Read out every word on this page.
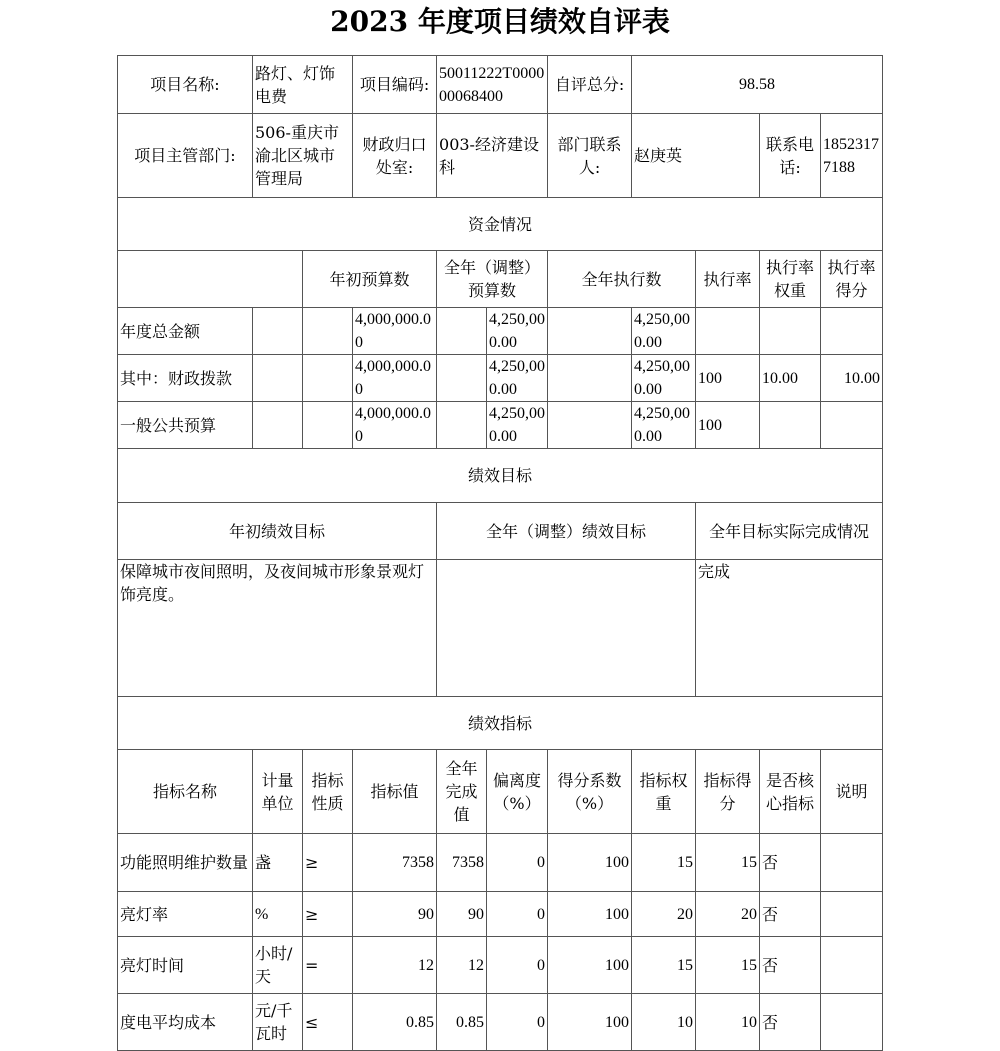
2023 年度项目绩效自评表
项目名称:	路灯、灯饰电费		项目编码:	50011222T000000068400		自评总分:	98.58			
项目主管部门:	506-重庆市渝北区城市管理局		财政归口处室:	003-经济建设科		部门联系人:	赵庚英		联系电话:	18523177188
资金情况										
		年初预算数		全年（调整）预算数		全年执行数		执行率	执行率权重	执行率得分
年度总金额			4,000,000.00		4,250,000.00		4,250,000.00			
其中：财政拨款			4,000,000.00		4,250,000.00		4,250,000.00	100	10.00	10.00
一般公共预算			4,000,000.00		4,250,000.00		4,250,000.00	100		
绩效目标										
年初绩效目标				全年（调整）绩效目标				全年目标实际完成情况		
保障城市夜间照明，及夜间城市形象景观灯饰亮度。								完成		
绩效指标										
指标名称	计量单位	指标性质	指标值	全年完成值	偏离度（%）	得分系数（%）	指标权重	指标得分	是否核心指标	说明
功能照明维护数量	盏	≥	7358	7358	0	100	15	15	否	
亮灯率	%	≥	90	90	0	100	20	20	否	
亮灯时间	小时/天	=	12	12	0	100	15	15	否	
度电平均成本	元/千瓦时	≤	0.85	0.85	0	100	10	10	否	
